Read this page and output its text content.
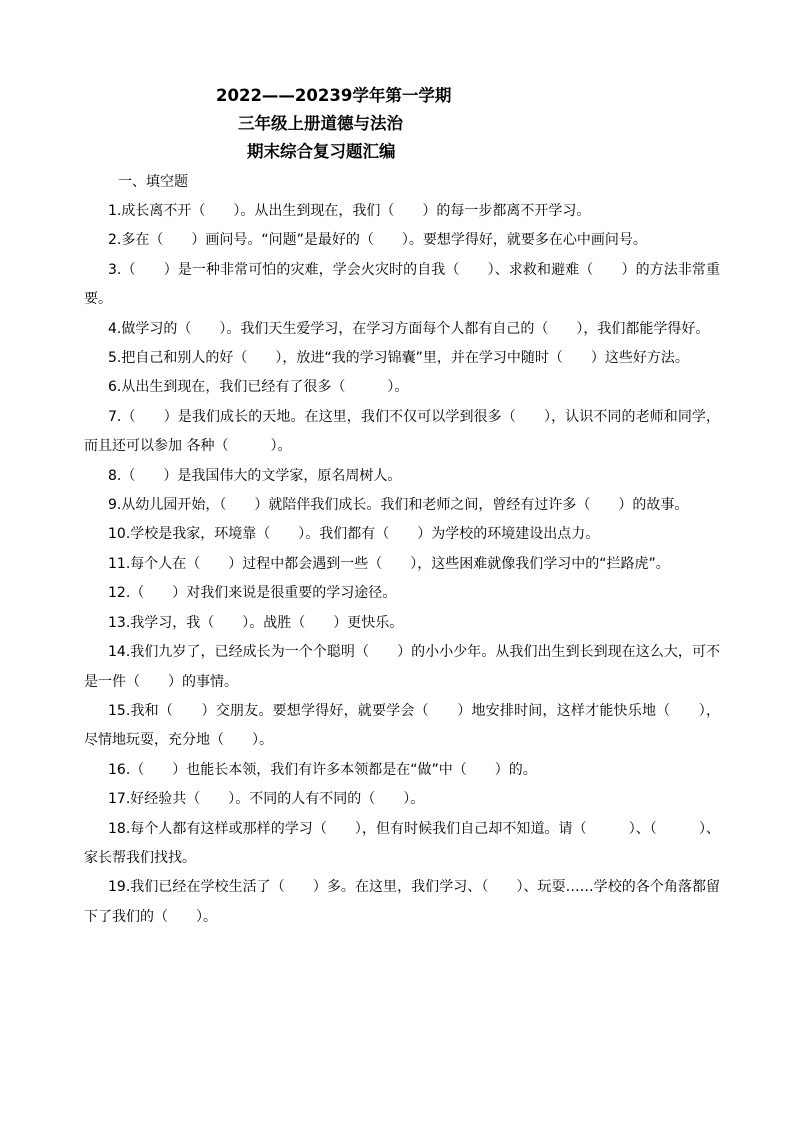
2022——20239学年第一学期
三年级上册道德与法治
期末综合复习题汇编
一、填空题
1.成长离不开（　　）。从出生到现在，我们（　　）的每一步都离不开学习。
2.多在（　　）画问号。“问题”是最好的（　　）。要想学得好，就要多在心中画问号。
3.（　　）是一种非常可怕的灾难，学会火灾时的自我（　　）、求救和避难（　　）的方法非常重要。
4.做学习的（　　）。我们天生爱学习，在学习方面每个人都有自己的（　　），我们都能学得好。
5.把自己和别人的好（　　），放进“我的学习锦囊”里，并在学习中随时（　　）这些好方法。
6.从出生到现在，我们已经有了很多（　　　）。
7.（　　）是我们成长的天地。在这里，我们不仅可以学到很多（　　），认识不同的老师和同学，而且还可以参加 各种（　　　）。
8.（　　）是我国伟大的文学家，原名周树人。
9.从幼儿园开始，（　　）就陪伴我们成长。我们和老师之间，曾经有过许多（　　）的故事。
10.学校是我家，环境靠（　　）。我们都有（　　）为学校的环境建设出点力。
11.每个人在（　　）过程中都会遇到一些（　　），这些困难就像我们学习中的“拦路虎”。
12.（　　）对我们来说是很重要的学习途径。
13.我学习，我（　　）。战胜（　　）更快乐。
14.我们九岁了，已经成长为一个个聪明（　　）的小小少年。从我们出生到长到现在这么大，可不是一件（　　）的事情。
15.我和（　　）交朋友。要想学得好，就要学会（　　）地安排时间，这样才能快乐地（　　），尽情地玩耍，充分地（　　）。
16.（　　）也能长本领，我们有许多本领都是在“做”中（　　）的。
17.好经验共（　　）。不同的人有不同的（　　）。
18.每个人都有这样或那样的学习（　　），但有时候我们自己却不知道。请（　　　）、（　　　）、家长帮我们找找。
19.我们已经在学校生活了（　　）多。在这里，我们学习、（　　）、玩耍……学校的各个角落都留下了我们的（　　）。
